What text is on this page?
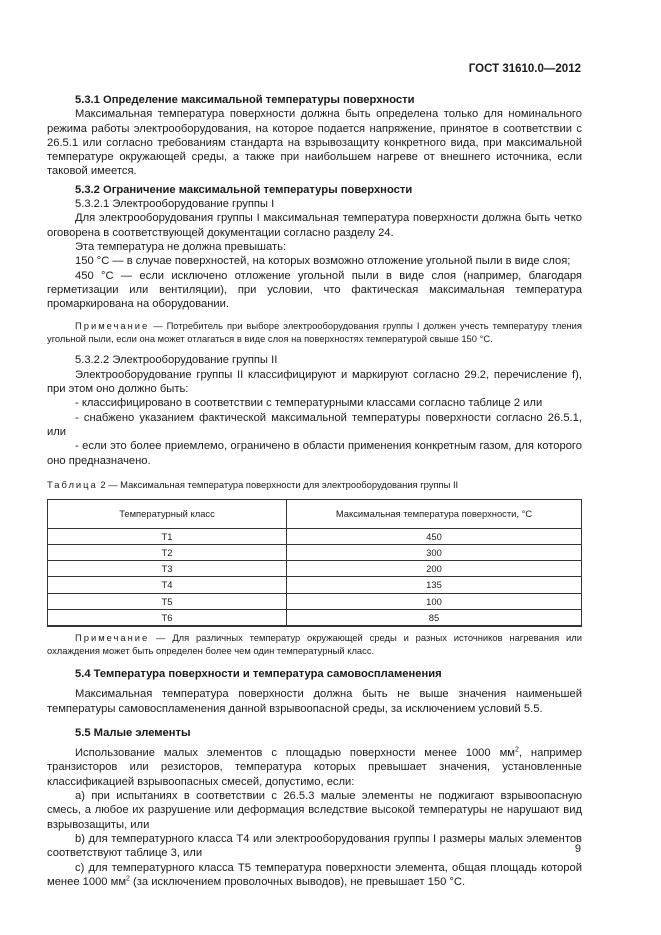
ГОСТ 31610.0—2012

5.3.1 Определение максимальной температуры поверхности

Максимальная температура поверхности должна быть определена только для номинального режима работы электрооборудования, на которое подается напряжение, принятое в соответствии с 26.5.1 или согласно требованиям стандарта на взрывозащиту конкретного вида, при максимальной температуре окружающей среды, а также при наибольшем нагреве от внешнего источника, если таковой имеется.

5.3.2 Ограничение максимальной температуры поверхности

5.3.2.1 Электрооборудование группы I

Для электрооборудования группы I максимальная температура поверхности должна быть четко оговорена в соответствующей документации согласно разделу 24.

Эта температура не должна превышать:

150 °С — в случае поверхностей, на которых возможно отложение угольной пыли в виде слоя;

450 °С — если исключено отложение угольной пыли в виде слоя (например, благодаря герметизации или вентиляции), при условии, что фактическая максимальная температура промаркирована на оборудовании.

Примечание — Потребитель при выборе электрооборудования группы I должен учесть температуру тления угольной пыли, если она может отлагаться в виде слоя на поверхностях температурой свыше 150 °С.

5.3.2.2 Электрооборудование группы II

Электрооборудование группы II классифицируют и маркируют согласно 29.2, перечисление f), при этом оно должно быть:

- классифицировано в соответствии с температурными классами согласно таблице 2 или

- снабжено указанием фактической максимальной температуры поверхности согласно 26.5.1, или

- если это более приемлемо, ограничено в области применения конкретным газом, для которого оно предназначено.

Таблица 2 — Максимальная температура поверхности для электрооборудования группы II

Температурный класс	Максимальная температура поверхности, °С
T1	450
T2	300
T3	200
T4	135
T5	100
T6	85

Примечание — Для различных температур окружающей среды и разных источников нагревания или охлаждения может быть определен более чем один температурный класс.

5.4 Температура поверхности и температура самовоспламенения

Максимальная температура поверхности должна быть не выше значения наименьшей температуры самовоспламенения данной взрывоопасной среды, за исключением условий 5.5.

5.5 Малые элементы

Использование малых элементов с площадью поверхности менее 1000 $мм^2$, например транзисторов или резисторов, температура которых превышает значения, установленные классификацией взрывоопасных смесей, допустимо, если:

а) при испытаниях в соответствии с 26.5.3 малые элементы не поджигают взрывоопасную смесь, а любое их разрушение или деформация вследствие высокой температуры не нарушают вид взрывозащиты, или

b) для температурного класса Т4 или электрооборудования группы I размеры малых элементов соответствуют таблице 3, или

с) для температурного класса Т5 температура поверхности элемента, общая площадь которой менее 1000 $мм^2$ (за исключением проволочных выводов), не превышает 150 °С.

9
